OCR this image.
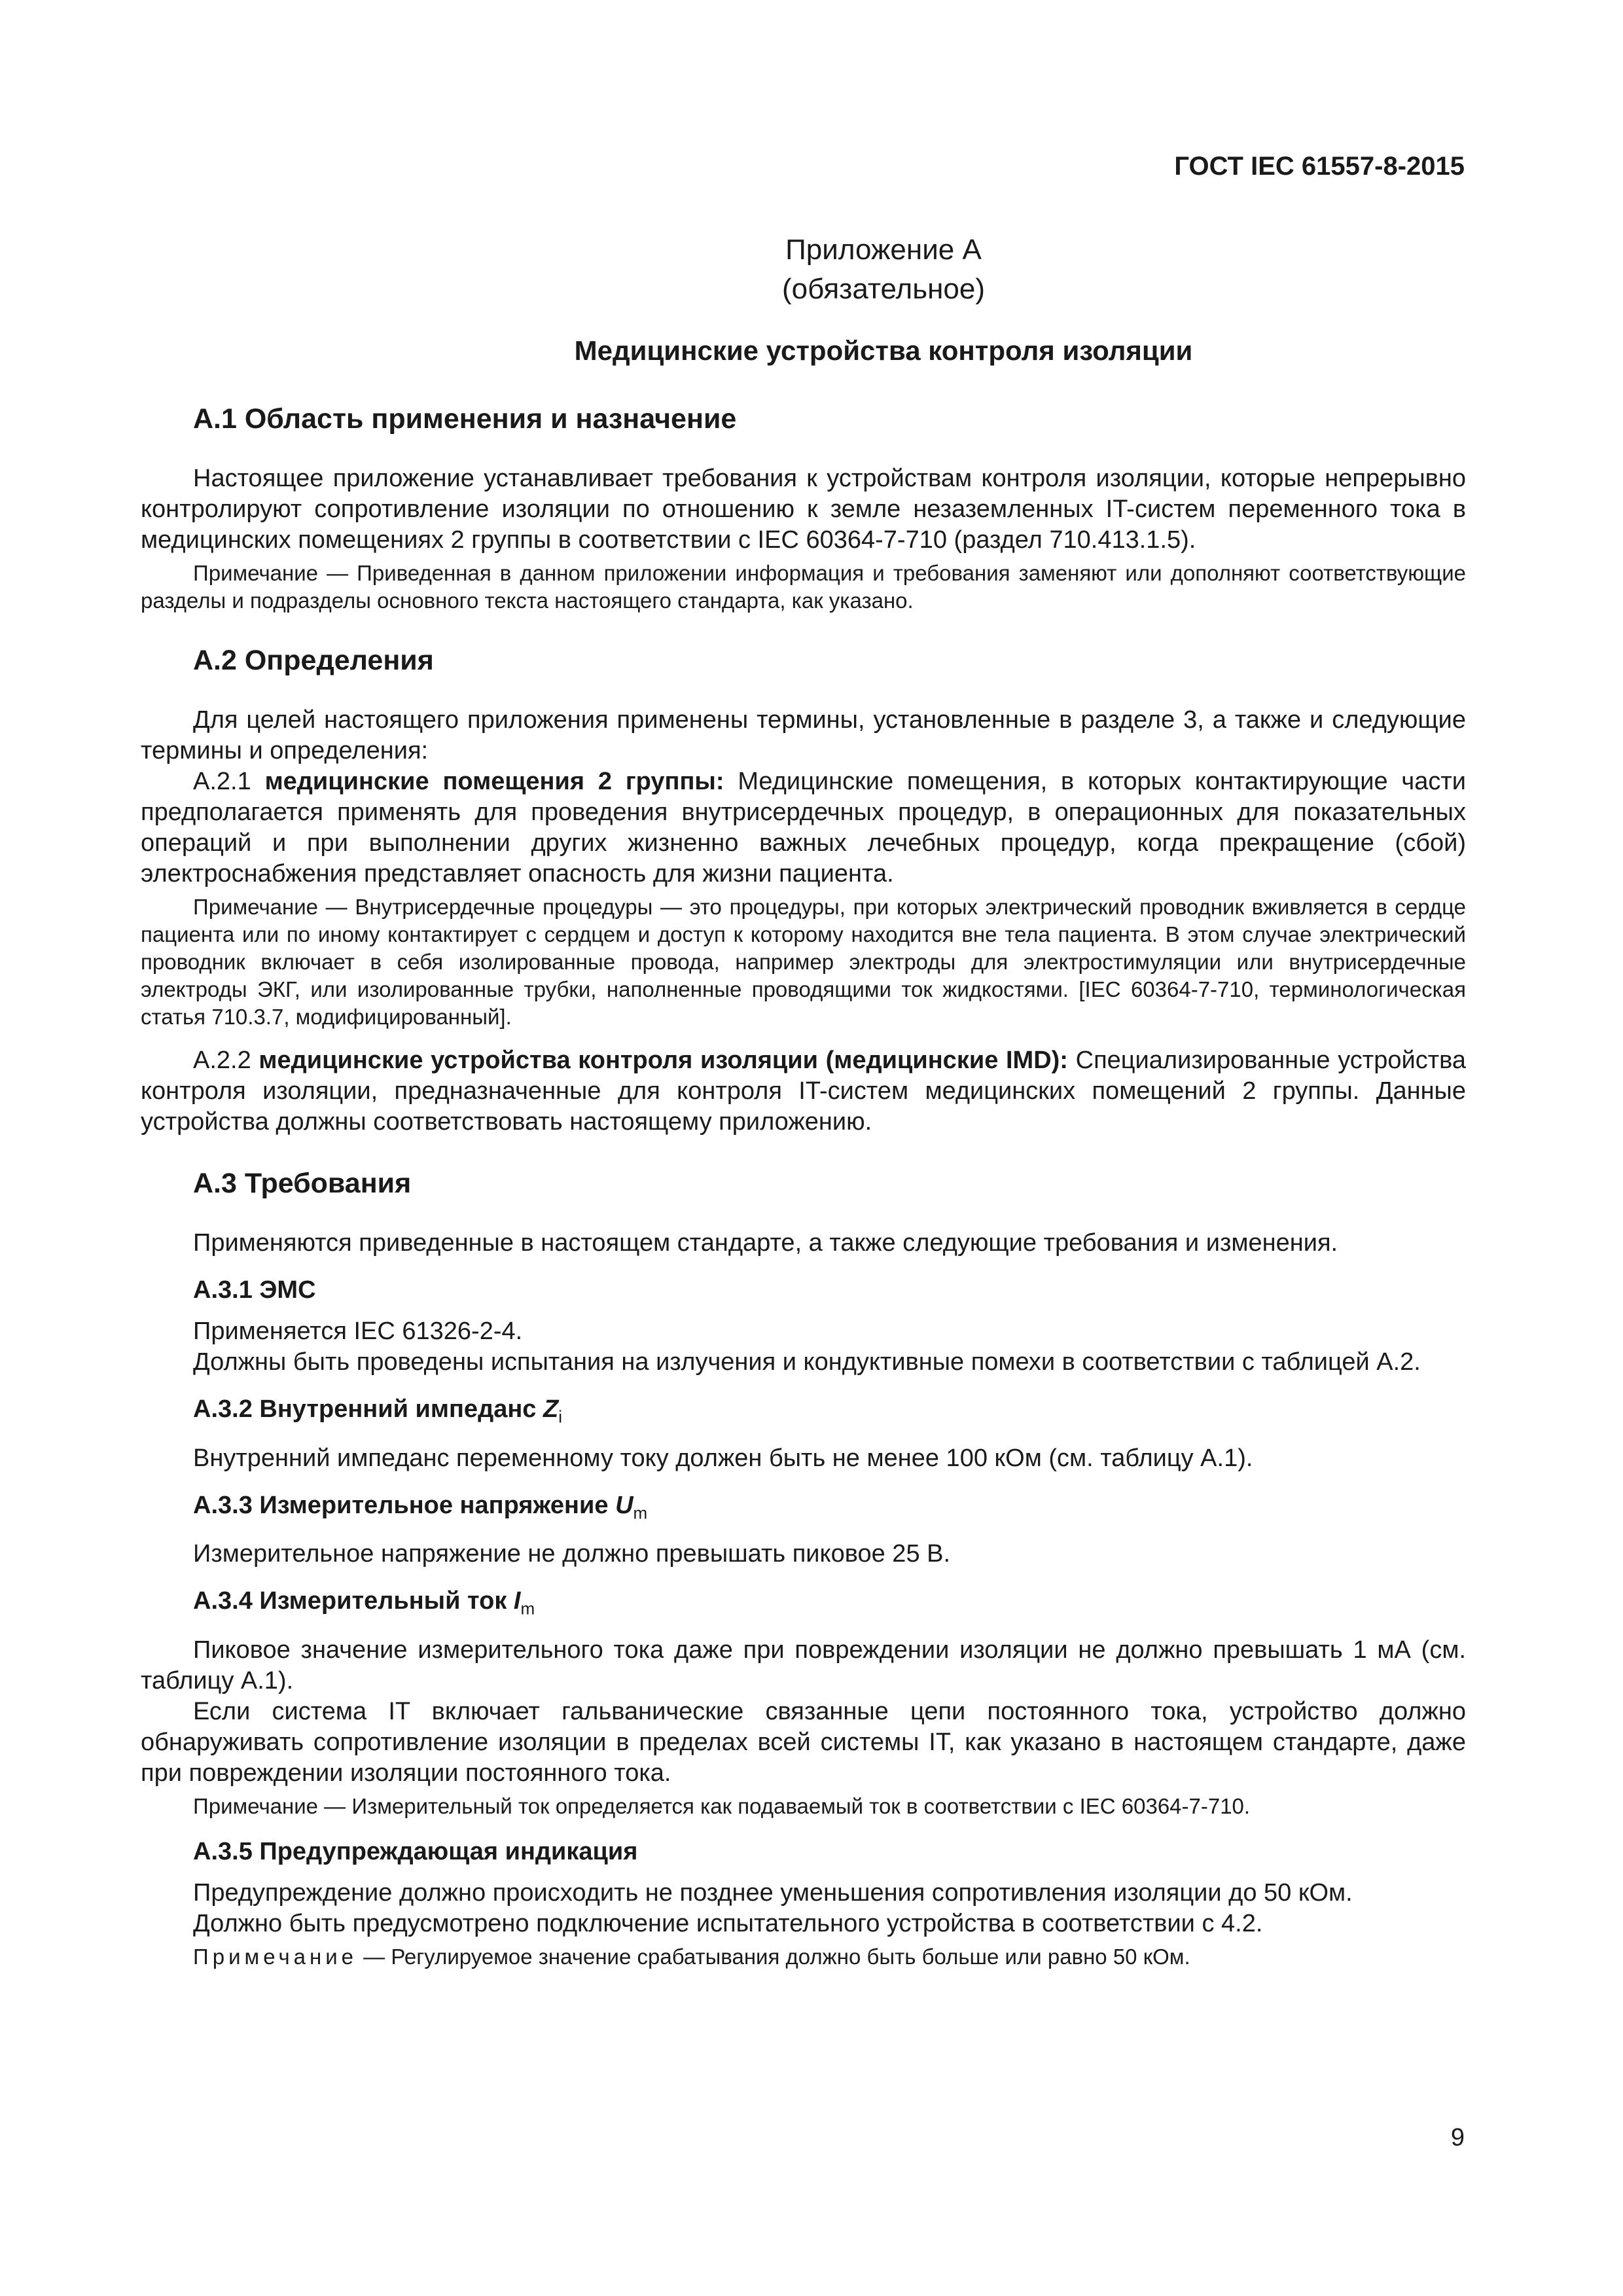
ГОСТ IEC 61557-8-2015
Приложение А
(обязательное)
Медицинские устройства контроля изоляции
А.1 Область применения и назначение

Настоящее приложение устанавливает требования к устройствам контроля изоляции, которые непрерывно контролируют сопротивление изоляции по отношению к земле незаземленных IT-систем переменного тока в медицинских помещениях 2 группы в соответствии с IEC 60364-7-710 (раздел 710.413.1.5).

Примечание — Приведенная в данном приложении информация и требования заменяют или дополняют соответствующие разделы и подразделы основного текста настоящего стандарта, как указано.

А.2 Определения

Для целей настоящего приложения применены термины, установленные в разделе 3, а также и следующие термины и определения:

А.2.1 медицинские помещения 2 группы: Медицинские помещения, в которых контактирующие части предполагается применять для проведения внутрисердечных процедур, в операционных для показательных операций и при выполнении других жизненно важных лечебных процедур, когда прекращение (сбой) электроснабжения представляет опасность для жизни пациента.

Примечание — Внутрисердечные процедуры — это процедуры, при которых электрический проводник вживляется в сердце пациента или по иному контактирует с сердцем и доступ к которому находится вне тела пациента. В этом случае электрический проводник включает в себя изолированные провода, например электроды для электростимуляции или внутрисердечные электроды ЭКГ, или изолированные трубки, наполненные проводящими ток жидкостями. [IEC 60364-7-710, терминологическая статья 710.3.7, модифицированный].

А.2.2 медицинские устройства контроля изоляции (медицинские IMD): Специализированные устройства контроля изоляции, предназначенные для контроля IT-систем медицинских помещений 2 группы. Данные устройства должны соответствовать настоящему приложению.

А.3 Требования

Применяются приведенные в настоящем стандарте, а также следующие требования и изменения.

А.3.1 ЭМС

Применяется IEC 61326-2-4.

Должны быть проведены испытания на излучения и кондуктивные помехи в соответствии с таблицей А.2.

А.3.2 Внутренний импеданс $Z_i$

Внутренний импеданс переменному току должен быть не менее 100 кОм (см. таблицу А.1).

А.3.3 Измерительное напряжение $U_m$

Измерительное напряжение не должно превышать пиковое 25 В.

А.3.4 Измерительный ток $I_m$

Пиковое значение измерительного тока даже при повреждении изоляции не должно превышать 1 мА (см. таблицу А.1).

Если система IT включает гальванические связанные цепи постоянного тока, устройство должно обнаруживать сопротивление изоляции в пределах всей системы IT, как указано в настоящем стандарте, даже при повреждении изоляции постоянного тока.

Примечание — Измерительный ток определяется как подаваемый ток в соответствии с IEC 60364-7-710.

А.3.5 Предупреждающая индикация

Предупреждение должно происходить не позднее уменьшения сопротивления изоляции до 50 кОм.

Должно быть предусмотрено подключение испытательного устройства в соответствии с 4.2.

Примечание — Регулируемое значение срабатывания должно быть больше или равно 50 кОм.

9
